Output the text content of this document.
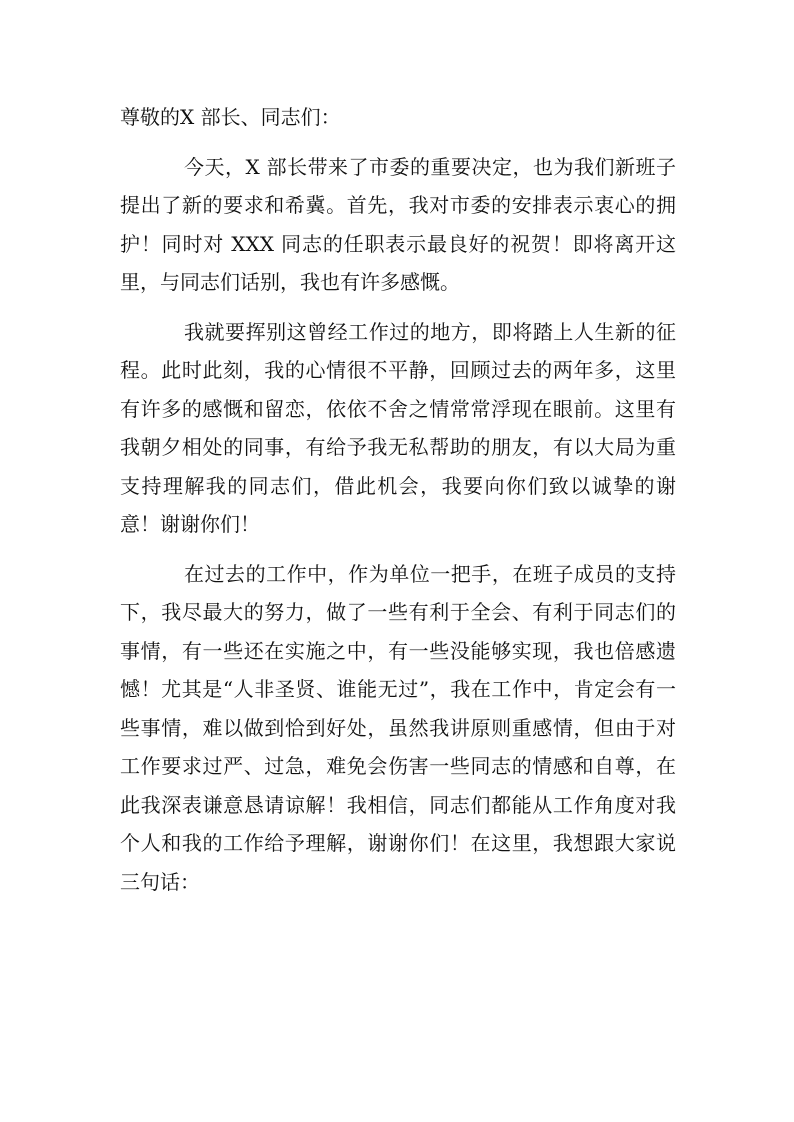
尊敬的X 部长、同志们：

今天，X 部长带来了市委的重要决定，也为我们新班子提出了新的要求和希冀。首先，我对市委的安排表示衷心的拥护！同时对 XXX 同志的任职表示最良好的祝贺！即将离开这里，与同志们话别，我也有许多感慨。

我就要挥别这曾经工作过的地方，即将踏上人生新的征程。此时此刻，我的心情很不平静，回顾过去的两年多，这里有许多的感慨和留恋，依依不舍之情常常浮现在眼前。这里有我朝夕相处的同事，有给予我无私帮助的朋友，有以大局为重支持理解我的同志们，借此机会，我要向你们致以诚挚的谢意！谢谢你们！

在过去的工作中，作为单位一把手，在班子成员的支持下，我尽最大的努力，做了一些有利于全会、有利于同志们的事情，有一些还在实施之中，有一些没能够实现，我也倍感遗憾！尤其是“人非圣贤、谁能无过”，我在工作中，肯定会有一些事情，难以做到恰到好处，虽然我讲原则重感情，但由于对工作要求过严、过急，难免会伤害一些同志的情感和自尊，在此我深表谦意恳请谅解！我相信，同志们都能从工作角度对我个人和我的工作给予理解，谢谢你们！在这里，我想跟大家说三句话：
